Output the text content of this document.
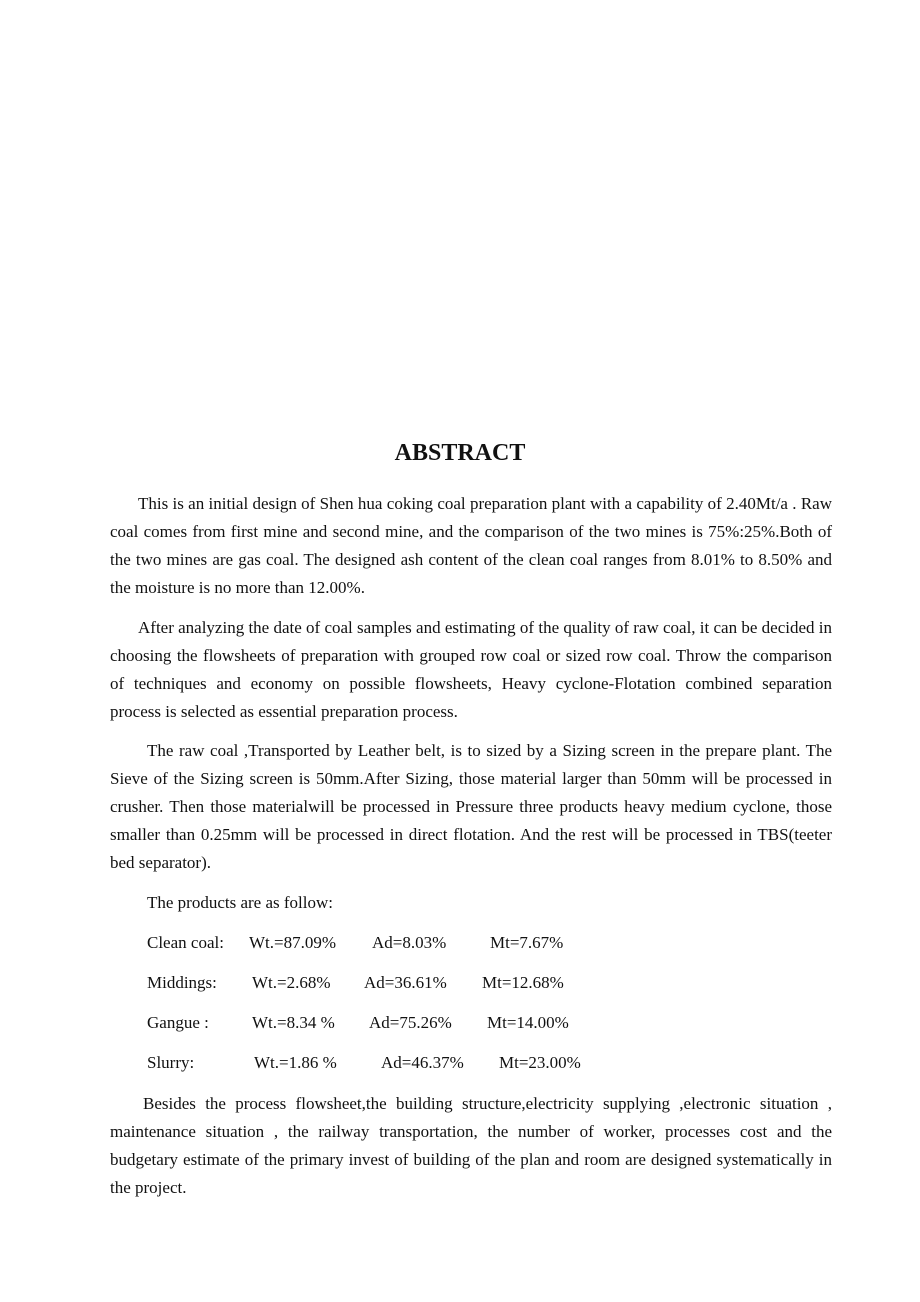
ABSTRACT

This is an initial design of Shen hua coking coal preparation plant with a capability of 2.40Mt/a . Raw coal comes from first mine and second mine, and the comparison of the two mines is 75%:25%.Both of the two mines are gas coal. The designed ash content of the clean coal ranges from 8.01% to 8.50% and the moisture is no more than 12.00%.

After analyzing the date of coal samples and estimating of the quality of raw coal, it can be decided in choosing the flowsheets of preparation with grouped row coal or sized row coal. Throw the comparison of techniques and economy on possible flowsheets, Heavy cyclone-Flotation combined separation process is selected as essential preparation process.

The raw coal ,Transported by Leather belt, is to sized by a Sizing screen in the prepare plant. The Sieve of the Sizing screen is 50mm.After Sizing, those material larger than 50mm will be processed in crusher. Then those materialwill be processed in Pressure three products heavy medium cyclone, those smaller than 0.25mm will be processed in direct flotation. And the rest will be processed in TBS(teeter bed separator).

The products are as follow:

Clean coal: Wt.=87.09% Ad=8.03%	Mt=7.67%
Middings: Wt.=2.68% Ad=36.61% Mt=12.68%
Gangue :	Wt.=8.34 % Ad=75.26% Mt=14.00%
Slurry:	Wt.=1.86 %	Ad=46.37% Mt=23.00%

Besides the process flowsheet,the building structure,electricity supplying ,electronic situation , maintenance situation , the railway transportation, the number of worker, processes cost and the budgetary estimate of the primary invest of building of the plan and room are designed systematically in the project.
